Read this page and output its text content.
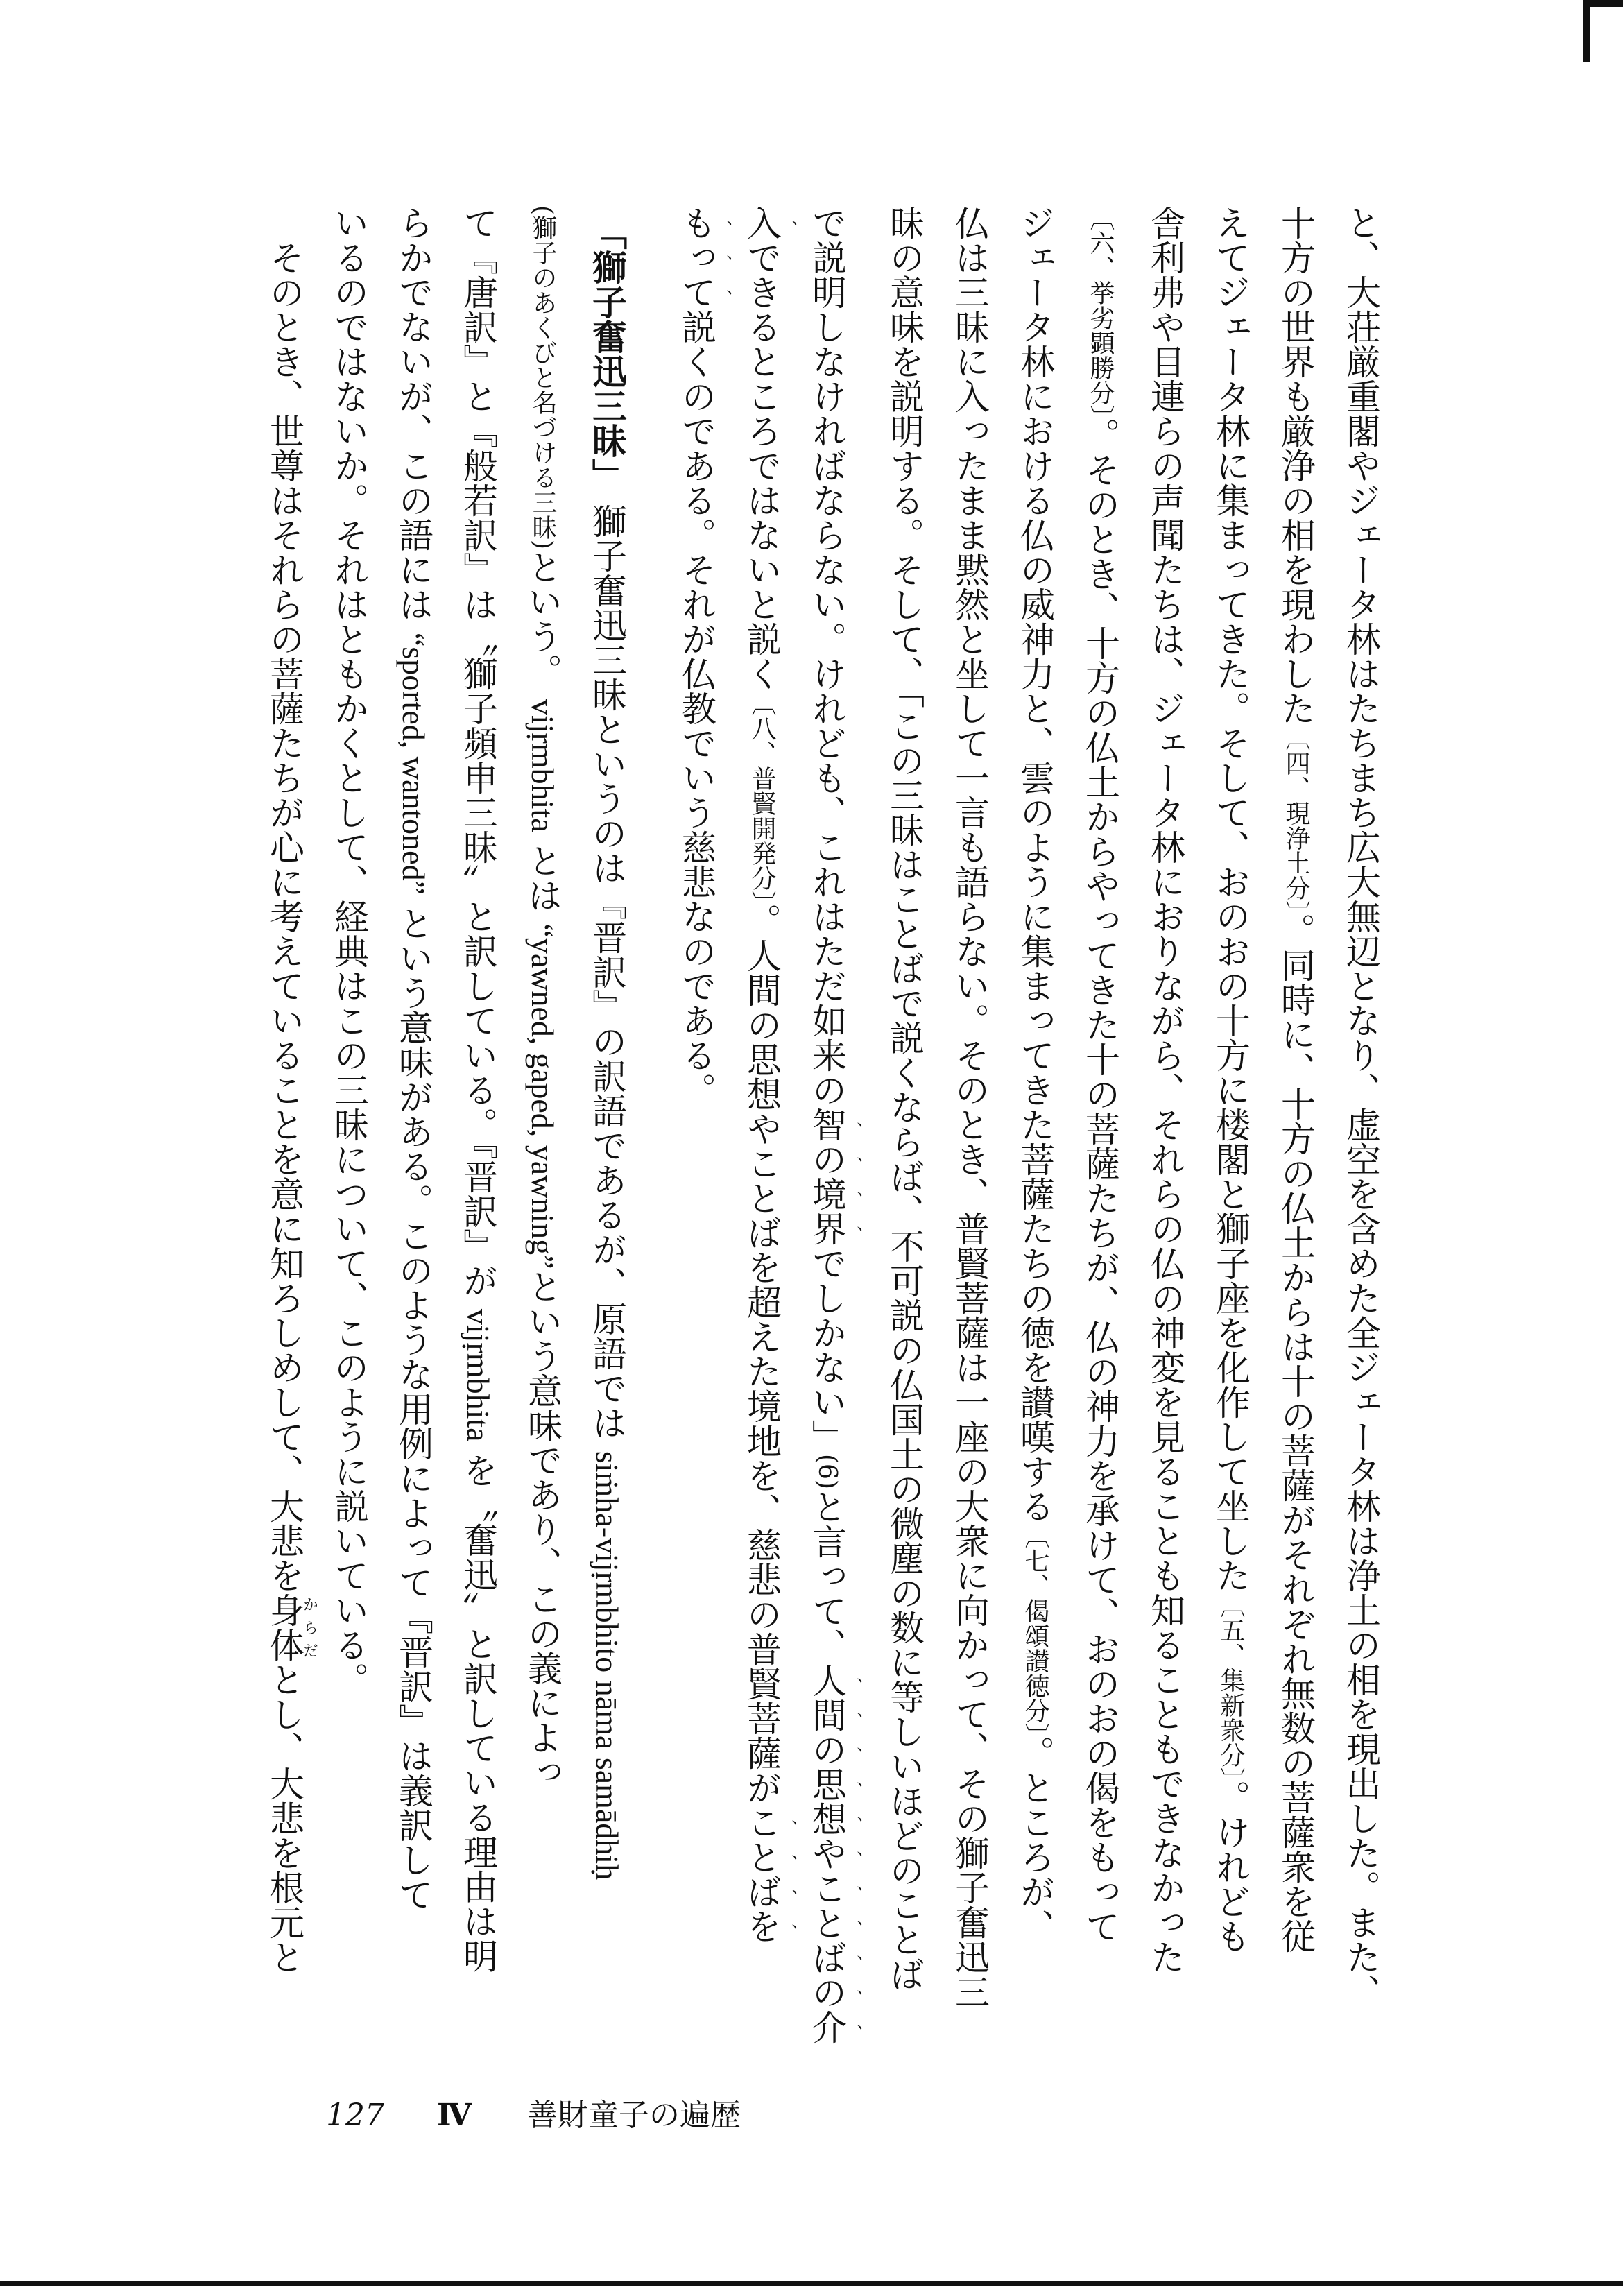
と、大荘厳重閣やジェータ林はたちまち広大無辺となり、虚空を含めた全ジェータ林は浄土の相を現出した。また、
十方の世界も厳浄の相を現わした〔四、現浄土分〕。同時に、十方の仏土からは十の菩薩がそれぞれ無数の菩薩衆を従
えてジェータ林に集まってきた。そして、おのおの十方に楼閣と獅子座を化作して坐した〔五、集新衆分〕。けれども
舎利弗や目連らの声聞たちは、ジェータ林におりながら、それらの仏の神変を見ることも知ることもできなかった
〔六、挙劣顕勝分〕。そのとき、十方の仏土からやってきた十の菩薩たちが、仏の神力を承けて、おのおの偈をもって
ジェータ林における仏の威神力と、雲のように集まってきた菩薩たちの徳を讃嘆する〔七、偈頌讃徳分〕。ところが、
仏は三昧に入ったまま黙然と坐して一言も語らない。そのとき、普賢菩薩は一座の大衆に向かって、その獅子奮迅三
昧の意味を説明する。そして、「この三昧はことばで説くならば、不可説の仏国土の微塵の数に等しいほどのことば
で説明しなければならない。けれども、これはただ如来の智の境界でしかない」(6)と言って、人間の思想やことばの介
入できるところではないと説く〔八、普賢開発分〕。人間の思想やことばを超えた境地を、慈悲の普賢菩薩がことばを
もって説くのである。それが仏教でいう慈悲なのである。
「獅子奮迅三昧」 獅子奮迅三昧というのは『晋訳』の訳語であるが、原語では siṁha-vijṛmbhito nāma samādhiḥ
(獅子のあくびと名づける三昧)という。 vijṛmbhita とは “yawned, gaped, yawning”という意味であり、この義によっ
て『唐訳』と『般若訳』は〝獅子頻申三昧〟と訳している。『晋訳』が vijṛmbhita を〝奮迅〟と訳している理由は明
らかでないが、この語には “sported, wantoned” という意味がある。このような用例によって『晋訳』は義訳して
いるのではないか。それはともかくとして、経典はこの三昧について、このように説いている。
そのとき、世尊はそれらの菩薩たちが心に考えていることを意に知ろしめして、大悲を身体からだとし、大悲を根元と
127 Ⅳ 善財童子の遍歴
